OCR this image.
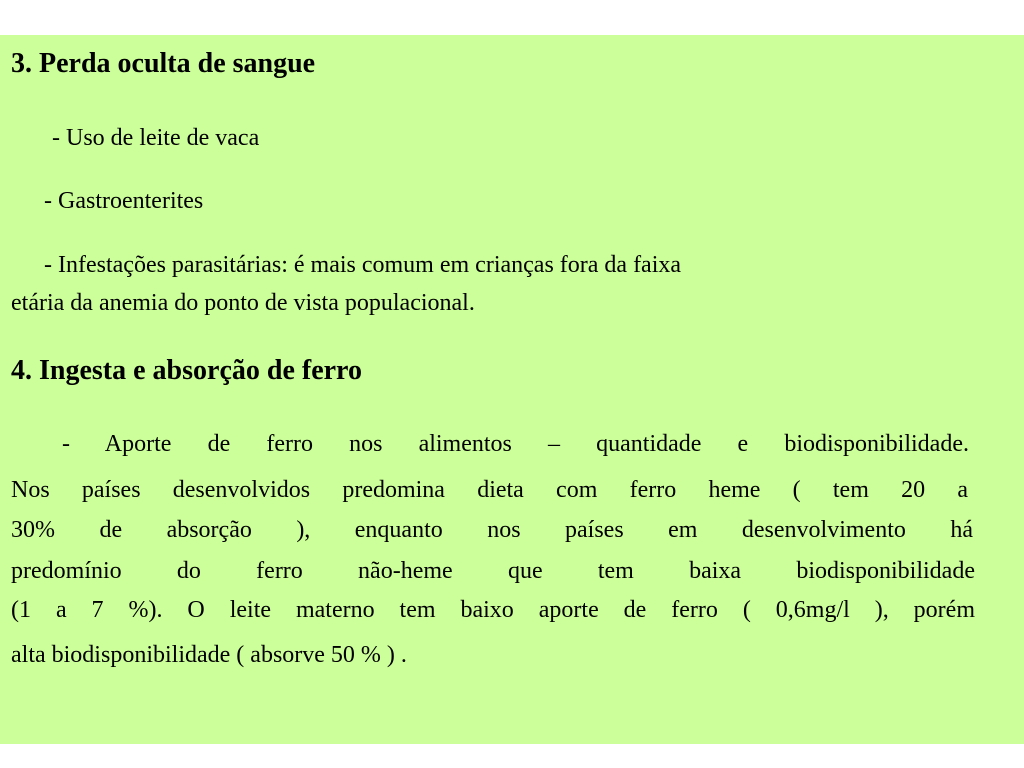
3. Perda oculta de sangue

- Uso de leite de vaca

- Gastroenterites

- Infestações parasitárias: é mais comum em crianças fora da faixa

etária da anemia do ponto de vista populacional.

4. Ingesta e absorção de ferro

- Aporte de ferro nos alimentos – quantidade e biodisponibilidade.

Nos países desenvolvidos predomina dieta com ferro heme ( tem 20 a

30% de absorção ), enquanto nos países em desenvolvimento há

predomínio do ferro não-heme que tem baixa biodisponibilidade

(1 a 7 %). O leite materno tem baixo aporte de ferro ( 0,6mg/l ), porém

alta biodisponibilidade ( absorve 50 % ) .
